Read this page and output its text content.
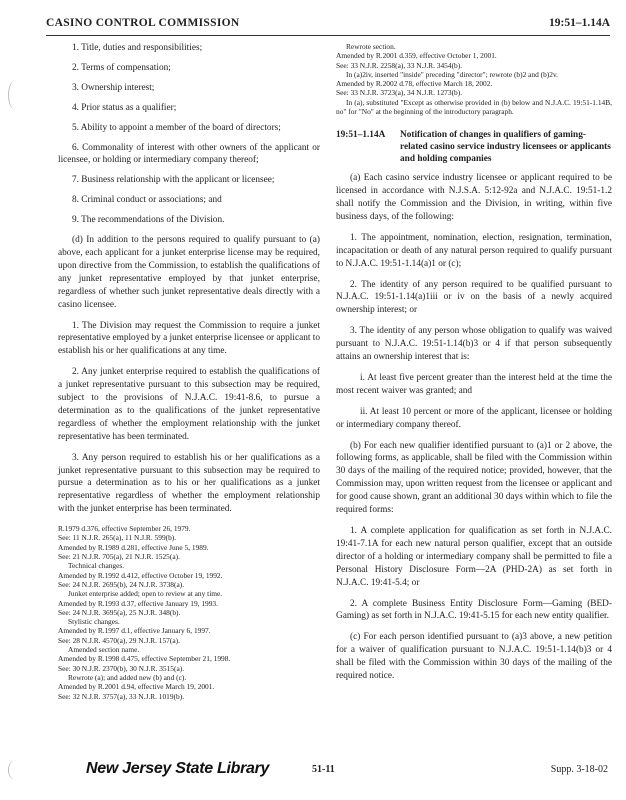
CASINO CONTROL COMMISSION	19:51–1.14A

1. Title, duties and responsibilities;

2. Terms of compensation;

3. Ownership interest;

4. Prior status as a qualifier;

5. Ability to appoint a member of the board of directors;

6. Commonality of interest with other owners of the applicant or licensee, or holding or intermediary company thereof;

7. Business relationship with the applicant or licensee;

8. Criminal conduct or associations; and

9. The recommendations of the Division.

(d) In addition to the persons required to qualify pursuant to (a) above, each applicant for a junket enterprise license may be required, upon directive from the Commission, to establish the qualifications of any junket representative employed by that junket enterprise, regardless of whether such junket representative deals directly with a casino licensee.

1. The Division may request the Commission to require a junket representative employed by a junket enterprise licensee or applicant to establish his or her qualifications at any time.

2. Any junket enterprise required to establish the qualifications of a junket representative pursuant to this subsection may be required, subject to the provisions of N.J.A.C. 19:41-8.6, to pursue a determination as to the qualifications of the junket representative regardless of whether the employment relationship with the junket representative has been terminated.

3. Any person required to establish his or her qualifications as a junket representative pursuant to this subsection may be required to pursue a determination as to his or her qualifications as a junket representative regardless of whether the employment relationship with the junket enterprise has been terminated.

R.1979 d.376, effective September 26, 1979.
See: 11 N.J.R. 265(a), 11 N.J.R. 599(b).
Amended by R.1989 d.281, effective June 5, 1989.
See: 21 N.J.R. 705(a), 21 N.J.R. 1525(a).
Technical changes.
Amended by R.1992 d.412, effective October 19, 1992.
See: 24 N.J.R. 2695(b), 24 N.J.R. 3738(a).
Junket enterprise added; open to review at any time.
Amended by R.1993 d.37, effective January 19, 1993.
See: 24 N.J.R. 3695(a), 25 N.J.R. 348(b).
Stylistic changes.
Amended by R.1997 d.1, effective January 6, 1997.
See: 28 N.J.R. 4570(a), 29 N.J.R. 157(a).
Amended section name.
Amended by R.1998 d.475, effective September 21, 1998.
See: 30 N.J.R. 2370(b), 30 N.J.R. 3515(a).
Rewrote (a); and added new (b) and (c).
Amended by R.2001 d.94, effective March 19, 2001.
See: 32 N.J.R. 3757(a), 33 N.J.R. 1019(b).
Rewrote section.
Amended by R.2001 d.359, effective October 1, 2001.
See: 33 N.J.R. 2258(a), 33 N.J.R. 3454(b).
In (a)2iv, inserted "inside" preceding "director"; rewrote (b)2 and (b)2v.
Amended by R.2002 d.78, effective March 18, 2002.
See: 33 N.J.R. 3723(a), 34 N.J.R. 1273(b).
In (a), substituted "Except as otherwise provided in (b) below and N.J.A.C. 19:51-1.14B, no" for "No" at the beginning of the introductory paragraph.
19:51–1.14A	Notification of changes in qualifiers of gaming-related casino service industry licensees or applicants and holding companies

(a) Each casino service industry licensee or applicant required to be licensed in accordance with N.J.S.A. 5:12-92a and N.J.A.C. 19:51-1.2 shall notify the Commission and the Division, in writing, within five business days, of the following:

1. The appointment, nomination, election, resignation, termination, incapacitation or death of any natural person required to qualify pursuant to N.J.A.C. 19:51-1.14(a)1 or (c);

2. The identity of any person required to be qualified pursuant to N.J.A.C. 19:51-1.14(a)1iii or iv on the basis of a newly acquired ownership interest; or

3. The identity of any person whose obligation to qualify was waived pursuant to N.J.A.C. 19:51-1.14(b)3 or 4 if that person subsequently attains an ownership interest that is:

i. At least five percent greater than the interest held at the time the most recent waiver was granted; and

ii. At least 10 percent or more of the applicant, licensee or holding or intermediary company thereof.

(b) For each new qualifier identified pursuant to (a)1 or 2 above, the following forms, as applicable, shall be filed with the Commission within 30 days of the mailing of the required notice; provided, however, that the Commission may, upon written request from the licensee or applicant and for good cause shown, grant an additional 30 days within which to file the required forms:

1. A complete application for qualification as set forth in N.J.A.C. 19:41-7.1A for each new natural person qualifier, except that an outside director of a holding or intermediary company shall be permitted to file a Personal History Disclosure Form—2A (PHD-2A) as set forth in N.J.A.C. 19:41-5.4; or

2. A complete Business Entity Disclosure Form—Gaming (BED-Gaming) as set forth in N.J.A.C. 19:41-5.15 for each new entity qualifier.

(c) For each person identified pursuant to (a)3 above, a new petition for a waiver of qualification pursuant to N.J.A.C. 19:51-1.14(b)3 or 4 shall be filed with the Commission within 30 days of the mailing of the required notice.

New Jersey State Library	51-11	Supp. 3-18-02
